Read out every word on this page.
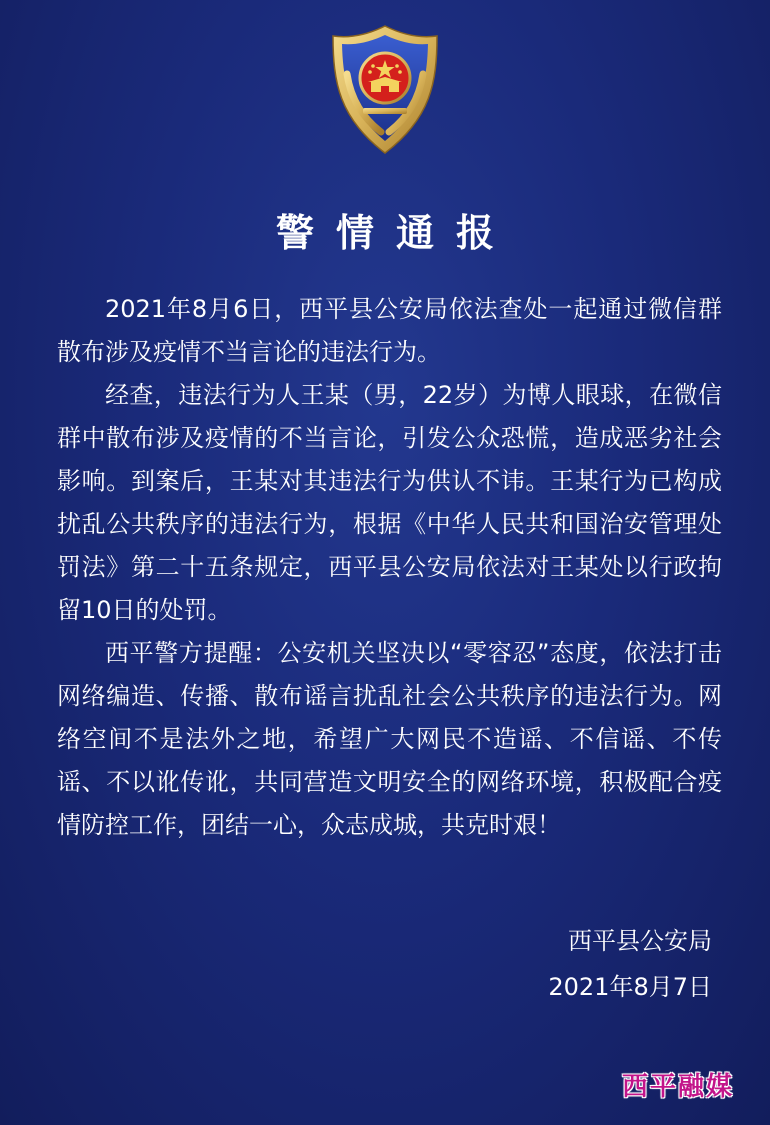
警情通报

2021年8月6日，西平县公安局依法查处一起通过微信群散布涉及疫情不当言论的违法行为。

经查，违法行为人王某（男，22岁）为博人眼球，在微信群中散布涉及疫情的不当言论，引发公众恐慌，造成恶劣社会影响。到案后，王某对其违法行为供认不讳。王某行为已构成扰乱公共秩序的违法行为，根据《中华人民共和国治安管理处罚法》第二十五条规定，西平县公安局依法对王某处以行政拘留10日的处罚。

西平警方提醒：公安机关坚决以“零容忍”态度，依法打击网络编造、传播、散布谣言扰乱社会公共秩序的违法行为。网络空间不是法外之地，希望广大网民不造谣、不信谣、不传谣、不以讹传讹，共同营造文明安全的网络环境，积极配合疫情防控工作，团结一心，众志成城，共克时艰！

西平县公安局
2021年8月7日
西平融媒
